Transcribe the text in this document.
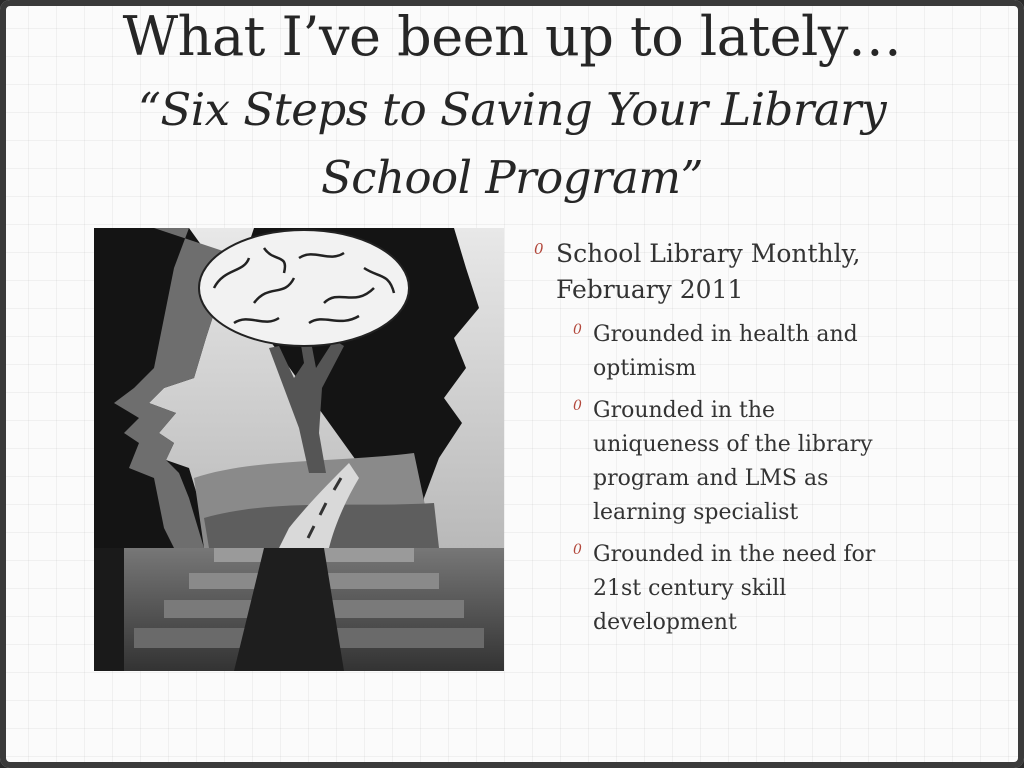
What I’ve been up to lately…
“Six Steps to Saving Your Library
School Program”
0 School Library Monthly, February 2011
0 Grounded in health and optimism
0 Grounded in the uniqueness of the library program and LMS as learning specialist
0 Grounded in the need for 21st century skill development
